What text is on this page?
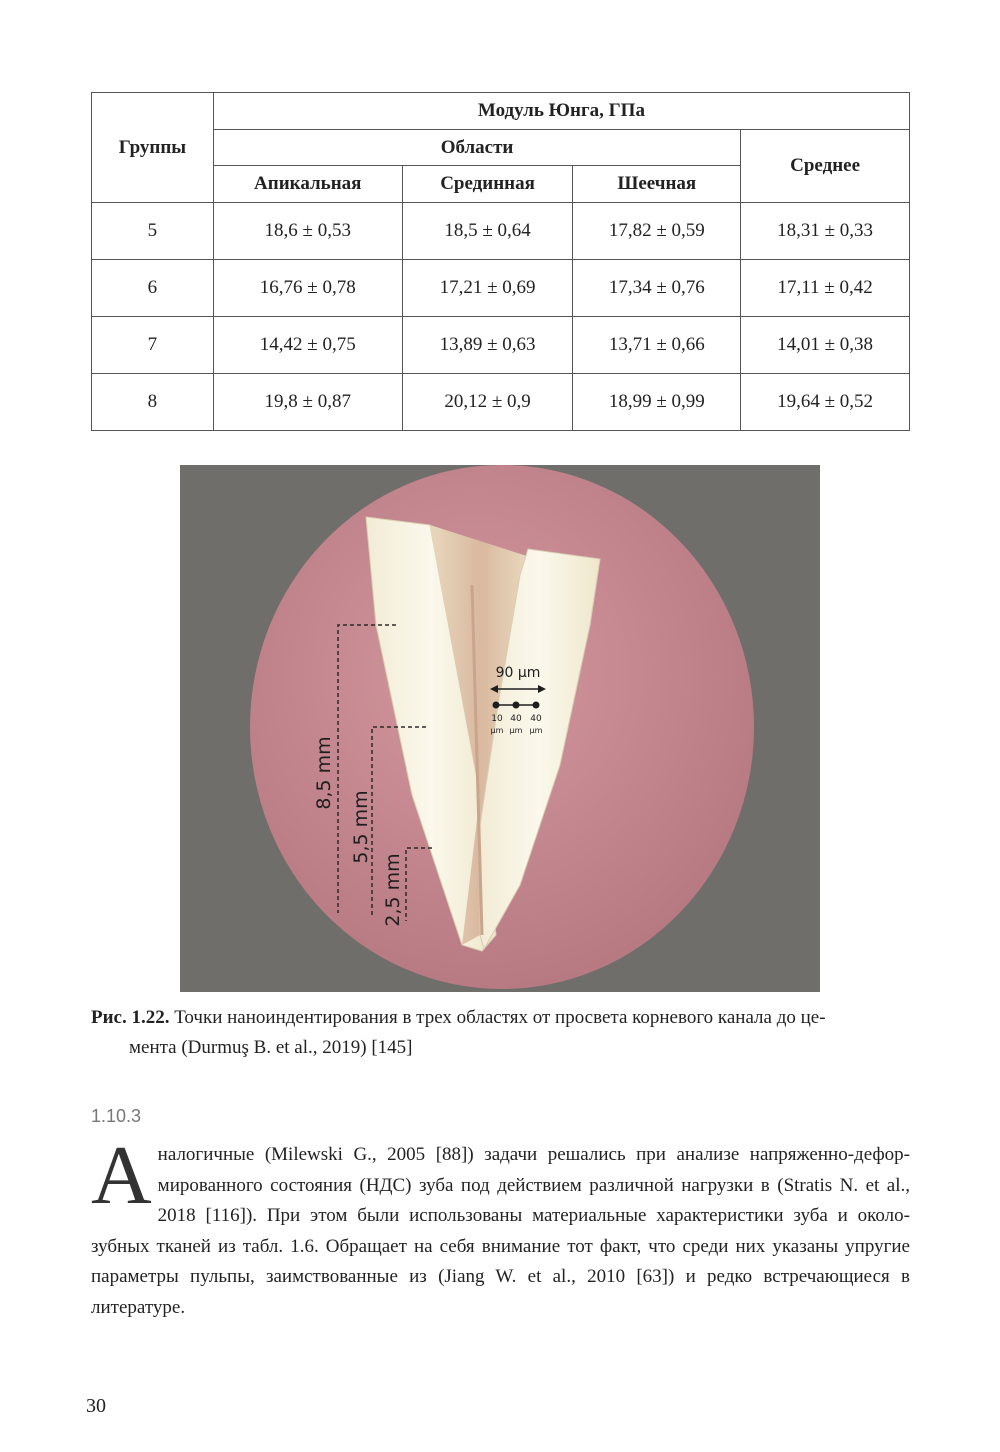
Группы	Модуль Юнга, ГПа			
	Области			Среднее
	Апикальная	Срединная	Шеечная	
5	18,6 ± 0,53	18,5 ± 0,64	17,82 ± 0,59	18,31 ± 0,33
6	16,76 ± 0,78	17,21 ± 0,69	17,34 ± 0,76	17,11 ± 0,42
7	14,42 ± 0,75	13,89 ± 0,63	13,71 ± 0,66	14,01 ± 0,38
8	19,8 ± 0,87	20,12 ± 0,9	18,99 ± 0,99	19,64 ± 0,52
8,5 mm
5,5 mm
2,5 mm
90 µm
10 40 40
µm µm µm
Рис. 1.22. Точки наноиндентирования в трех областях от просвета корневого канала до це-
мента (Durmuş B. et al., 2019) [145]
1.10.3
А налогичные (Milewski G., 2005 [88]) задачи решались при анализе напряженно-деформированного состояния (НДС) зуба под действием различной нагрузки в (Stratis N. et al., 2018 [116]). При этом были использованы материальные характеристики зуба и околозубных тканей из табл. 1.6. Обращает на себя внимание тот факт, что среди них указаны упругие параметры пульпы, заимствованные из (Jiang W. et al., 2010 [63]) и редко встречающиеся в литературе.
30
